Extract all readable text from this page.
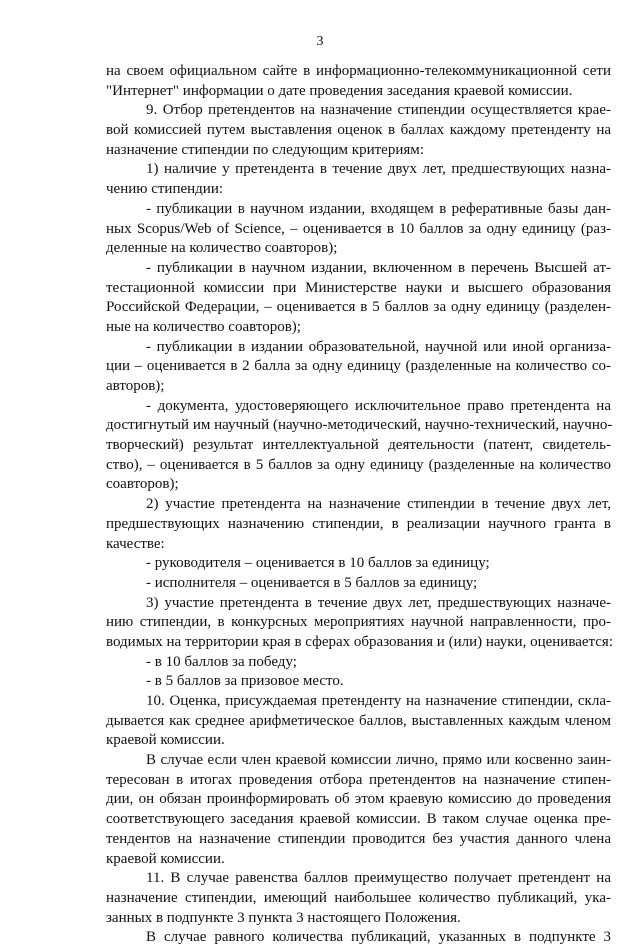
3
на своем официальном сайте в информационно-телекоммуникационной сети
"Интернет" информации о дате проведения заседания краевой комиссии.
9. Отбор претендентов на назначение стипендии осуществляется крае-
вой комиссией путем выставления оценок в баллах каждому претенденту на
назначение стипендии по следующим критериям:
1) наличие у претендента в течение двух лет, предшествующих назна-
чению стипендии:
- публикации в научном издании, входящем в реферативные базы дан-
ных Scopus/Web of Science, – оценивается в 10 баллов за одну единицу (раз-
деленные на количество соавторов);
- публикации в научном издании, включенном в перечень Высшей ат-
тестационной комиссии при Министерстве науки и высшего образования
Российской Федерации, – оценивается в 5 баллов за одну единицу (разделен-
ные на количество соавторов);
- публикации в издании образовательной, научной или иной организа-
ции – оценивается в 2 балла за одну единицу (разделенные на количество со-
авторов);
- документа, удостоверяющего исключительное право претендента на
достигнутый им научный (научно-методический, научно-технический, научно-
творческий) результат интеллектуальной деятельности (патент, свидетель-
ство), – оценивается в 5 баллов за одну единицу (разделенные на количество
соавторов);
2) участие претендента на назначение стипендии в течение двух лет,
предшествующих назначению стипендии, в реализации научного гранта в
качестве:
- руководителя – оценивается в 10 баллов за единицу;
- исполнителя – оценивается в 5 баллов за единицу;
3) участие претендента в течение двух лет, предшествующих назначе-
нию стипендии, в конкурсных мероприятиях научной направленности, про-
водимых на территории края в сферах образования и (или) науки, оценивается:
- в 10 баллов за победу;
- в 5 баллов за призовое место.
10. Оценка, присуждаемая претенденту на назначение стипендии, скла-
дывается как среднее арифметическое баллов, выставленных каждым членом
краевой комиссии.
В случае если член краевой комиссии лично, прямо или косвенно заин-
тересован в итогах проведения отбора претендентов на назначение стипен-
дии, он обязан проинформировать об этом краевую комиссию до проведения
соответствующего заседания краевой комиссии. В таком случае оценка пре-
тендентов на назначение стипендии проводится без участия данного члена
краевой комиссии.
11. В случае равенства баллов преимущество получает претендент на
назначение стипендии, имеющий наибольшее количество публикаций, ука-
занных в подпункте 3 пункта 3 настоящего Положения.
В случае равного количества публикаций, указанных в подпункте 3
